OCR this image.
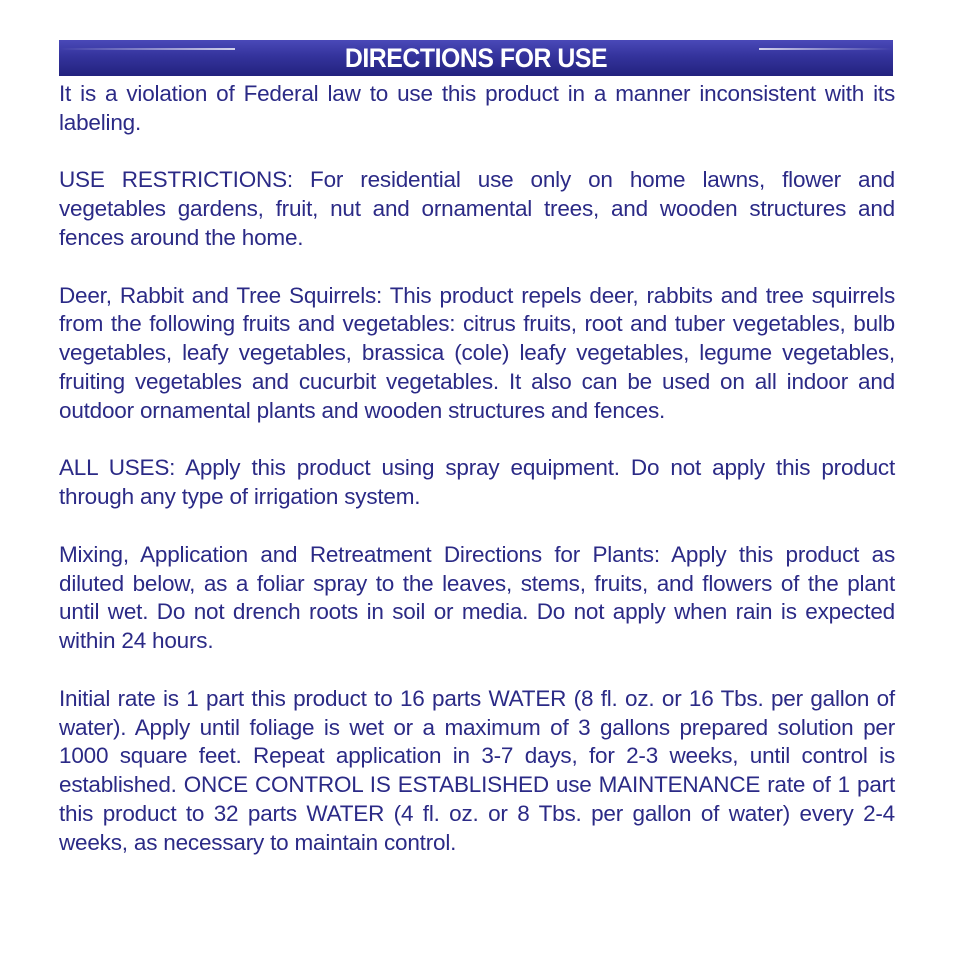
DIRECTIONS FOR USE

It is a violation of Federal law to use this product in a manner inconsistent with its labeling.

USE RESTRICTIONS: For residential use only on home lawns, flower and vegetables gardens, fruit, nut and ornamental trees, and wooden structures and fences around the home.

Deer, Rabbit and Tree Squirrels: This product repels deer, rabbits and tree squirrels from the following fruits and vegetables: citrus fruits, root and tuber vegetables, bulb vegetables, leafy vegetables, brassica (cole) leafy vegetables, legume vegetables, fruiting vegetables and cucurbit vegetables. It also can be used on all indoor and outdoor ornamental plants and wooden structures and fences.

ALL USES: Apply this product using spray equipment. Do not apply this product through any type of irrigation system.

Mixing, Application and Retreatment Directions for Plants: Apply this product as diluted below, as a foliar spray to the leaves, stems, fruits, and flowers of the plant until wet. Do not drench roots in soil or media. Do not apply when rain is expected within 24 hours.

Initial rate is 1 part this product to 16 parts WATER (8 fl. oz. or 16 Tbs. per gallon of water). Apply until foliage is wet or a maximum of 3 gallons prepared solution per 1000 square feet. Repeat application in 3-7 days, for 2-3 weeks, until control is established. ONCE CONTROL IS ESTABLISHED use MAINTENANCE rate of 1 part this product to 32 parts WATER (4 fl. oz. or 8 Tbs. per gallon of water) every 2-4 weeks, as necessary to maintain control.
